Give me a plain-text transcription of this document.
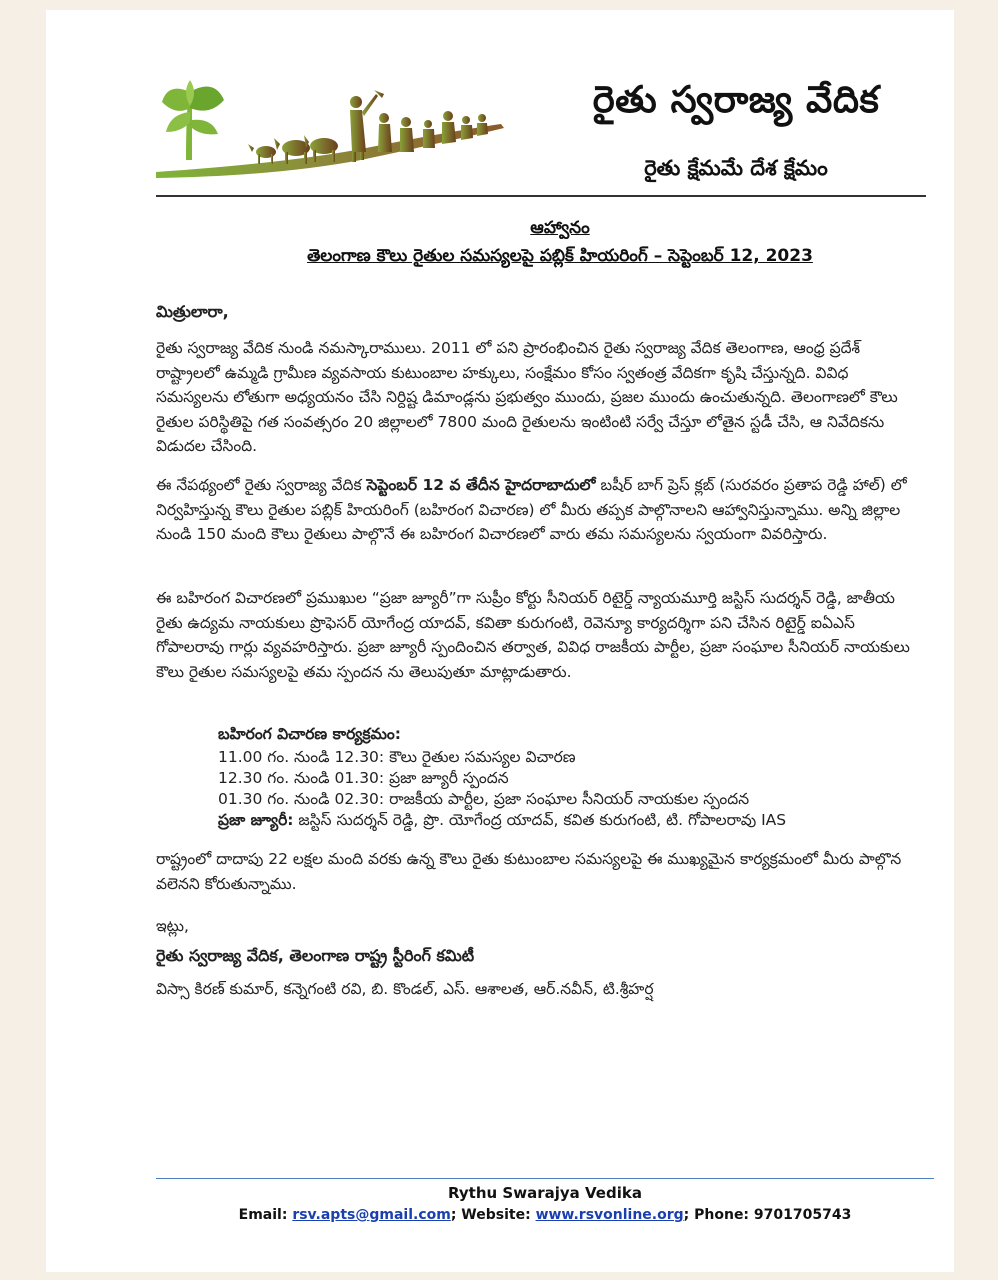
రైతు స్వరాజ్య వేదిక
రైతు క్షేమమే దేశ క్షేమం
ఆహ్వానం
తెలంగాణ కౌలు రైతుల సమస్యలపై పబ్లిక్ హియరింగ్ – సెప్టెంబర్ 12, 2023
మిత్రులారా,
రైతు స్వరాజ్య వేదిక నుండి నమస్కారాములు. 2011 లో పని ప్రారంభించిన రైతు స్వరాజ్య వేదిక తెలంగాణ, ఆంధ్ర ప్రదేశ్ రాష్ట్రాలలో ఉమ్మడి గ్రామీణ వ్యవసాయ కుటుంబాల హక్కులు, సంక్షేమం కోసం స్వతంత్ర వేదికగా కృషి చేస్తున్నది. వివిధ సమస్యలను లోతుగా అధ్యయనం చేసి నిర్దిష్ట డిమాండ్లను ప్రభుత్వం ముందు, ప్రజల ముందు ఉంచుతున్నది. తెలంగాణలో కౌలు రైతుల పరిస్థితిపై గత సంవత్సరం 20 జిల్లాలలో 7800 మంది రైతులను ఇంటింటి సర్వే చేస్తూ లోతైన స్టడీ చేసి, ఆ నివేదికను విడుదల చేసింది.
ఈ నేపథ్యంలో రైతు స్వరాజ్య వేదిక సెప్టెంబర్ 12 వ తేదీన హైదరాబాదులో బషీర్ బాగ్ ప్రెస్ క్లబ్ (సురవరం ప్రతాప రెడ్డి హాల్) లో నిర్వహిస్తున్న కౌలు రైతుల పబ్లిక్ హియరింగ్ (బహిరంగ విచారణ) లో మీరు తప్పక పాల్గొనాలని ఆహ్వానిస్తున్నాము. అన్ని జిల్లాల నుండి 150 మంది కౌలు రైతులు పాల్గొనే ఈ బహిరంగ విచారణలో వారు తమ సమస్యలను స్వయంగా వివరిస్తారు.
ఈ బహిరంగ విచారణలో ప్రముఖుల “ప్రజా జ్యూరీ”గా సుప్రీం కోర్టు సీనియర్ రిటైర్డ్ న్యాయమూర్తి జస్టిస్ సుదర్శన్ రెడ్డి, జాతీయ రైతు ఉద్యమ నాయకులు ప్రొఫెసర్ యోగేంద్ర యాదవ్, కవితా కురుగంటి, రెవెన్యూ కార్యదర్శిగా పని చేసిన రిటైర్డ్ ఐఏఎస్ గోపాలరావు గార్లు వ్యవహరిస్తారు. ప్రజా జ్యూరీ స్పందించిన తర్వాత, వివిధ రాజకీయ పార్టీల, ప్రజా సంఘాల సీనియర్ నాయకులు కౌలు రైతుల సమస్యలపై తమ స్పందన ను తెలుపుతూ మాట్లాడుతారు.
బహిరంగ విచారణ కార్యక్రమం:
11.00 గం. నుండి 12.30: కౌలు రైతుల సమస్యల విచారణ
12.30 గం. నుండి 01.30: ప్రజా జ్యూరీ స్పందన
01.30 గం. నుండి 02.30: రాజకీయ పార్టీల, ప్రజా సంఘాల సీనియర్ నాయకుల స్పందన
ప్రజా జ్యూరీ: జస్టిస్ సుదర్శన్ రెడ్డి, ప్రొ. యోగేంద్ర యాదవ్, కవిత కురుగంటి, టి. గోపాలరావు IAS
రాష్ట్రంలో దాదాపు 22 లక్షల మంది వరకు ఉన్న కౌలు రైతు కుటుంబాల సమస్యలపై ఈ ముఖ్యమైన కార్యక్రమంలో మీరు పాల్గొన వలెనని కోరుతున్నాము.
ఇట్లు,
రైతు స్వరాజ్య వేదిక, తెలంగాణ రాష్ట్ర స్టీరింగ్ కమిటీ
విస్సా కిరణ్ కుమార్, కన్నెగంటి రవి, బి. కొండల్, ఎస్. ఆశాలత, ఆర్.నవీన్, టి.శ్రీహర్ష
Rythu Swarajya Vedika
Email: rsv.apts@gmail.com; Website: www.rsvonline.org; Phone: 9701705743
